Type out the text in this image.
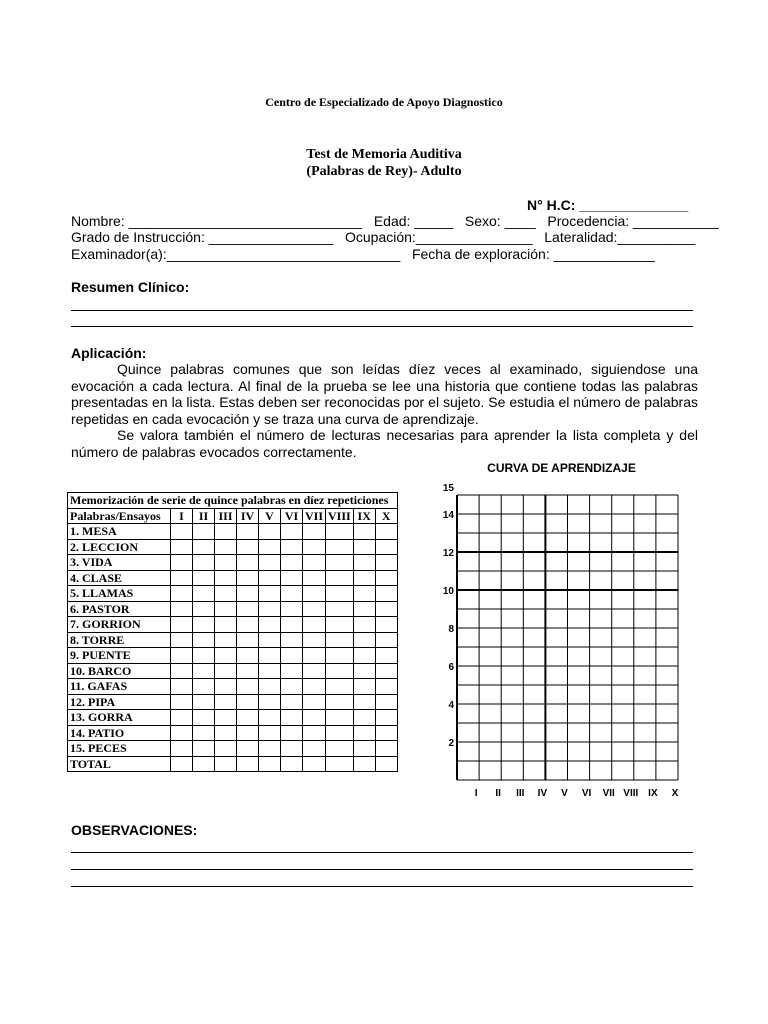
Centro de Especializado de Apoyo Diagnostico
Test de Memoria Auditiva
(Palabras de Rey)- Adulto
N° H.C: ______________
Nombre: ______________________________   Edad: _____   Sexo: ____   Procedencia: ___________
Grado de Instrucción: ________________   Ocupación:_______________   Lateralidad:__________
Examinador(a):______________________________   Fecha de exploración: _____________
Resumen Clínico:
Aplicación:

Quince palabras comunes que son leídas díez veces al examinado, siguiendose una evocación a cada lectura. Al final de la prueba se lee una historia que contiene todas las palabras presentadas en la lista. Estas deben ser reconocidas por el sujeto. Se estudia el número de palabras repetidas en cada evocación y se traza una curva de aprendizaje.

Se valora también el número de lecturas necesarias para aprender la lista completa y del número de palabras evocados correctamente.

Memorización de serie de quince palabras en díez repeticiones										
Palabras/Ensayos	I	II	III	IV	V	VI	VII	VIII	IX	X
1. MESA										
2. LECCION										
3. VIDA										
4. CLASE										
5. LLAMAS										
6. PASTOR										
7. GORRION										
8. TORRE										
9. PUENTE										
10. BARCO										
11. GAFAS										
12. PIPA										
13. GORRA										
14. PATIO										
15. PECES										
TOTAL										
CURVA DE APRENDIZAJE
15
14
12
10
8
6
4
2
I II III IV V VI VII VIII IX X
OBSERVACIONES:
